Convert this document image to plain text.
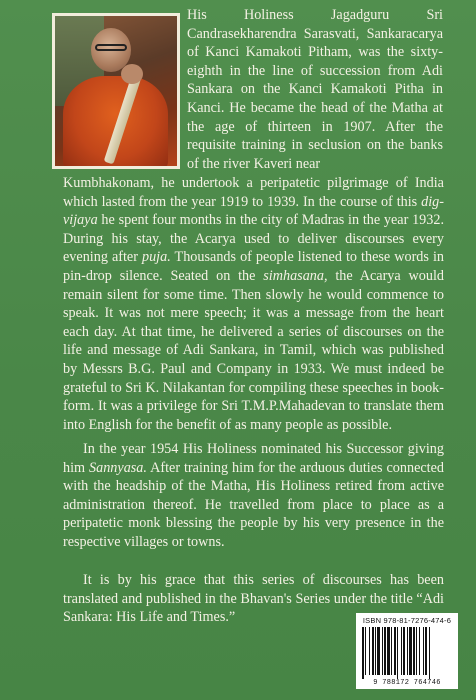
His Holiness Jagadguru Sri Candrasekharendra Sarasvati, Sankaracarya of Kanci Kamakoti Pitham, was the sixty-eighth in the line of succession from Adi Sankara on the Kanci Kamakoti Pitha in Kanci. He became the head of the Matha at the age of thirteen in 1907. After the requisite training in seclusion on the banks of the river Kaveri near

Kumbhakonam, he undertook a peripatetic pilgrimage of India which lasted from the year 1919 to 1939. In the course of this dig-vijaya he spent four months in the city of Madras in the year 1932. During his stay, the Acarya used to deliver discourses every evening after puja. Thousands of people listened to these words in pin-drop silence. Seated on the simhasana, the Acarya would remain silent for some time. Then slowly he would commence to speak. It was not mere speech; it was a message from the heart each day. At that time, he delivered a series of discourses on the life and message of Adi Sankara, in Tamil, which was published by Messrs B.G. Paul and Company in 1933. We must indeed be grateful to Sri K. Nilakantan for compiling these speeches in book-form. It was a privilege for Sri T.M.P.Mahadevan to translate them into English for the benefit of as many people as possible.

In the year 1954 His Holiness nominated his Successor giving him Sannyasa. After training him for the arduous duties connected with the headship of the Matha, His Holiness retired from active administration thereof. He travelled from place to place as a peripatetic monk blessing the people by his very presence in the respective villages or towns.

It is by his grace that this series of discourses has been translated and published in the Bhavan's Series under the title “Adi Sankara: His Life and Times.”	ISBN 978-81-7276-474-6
9 788172 764746
